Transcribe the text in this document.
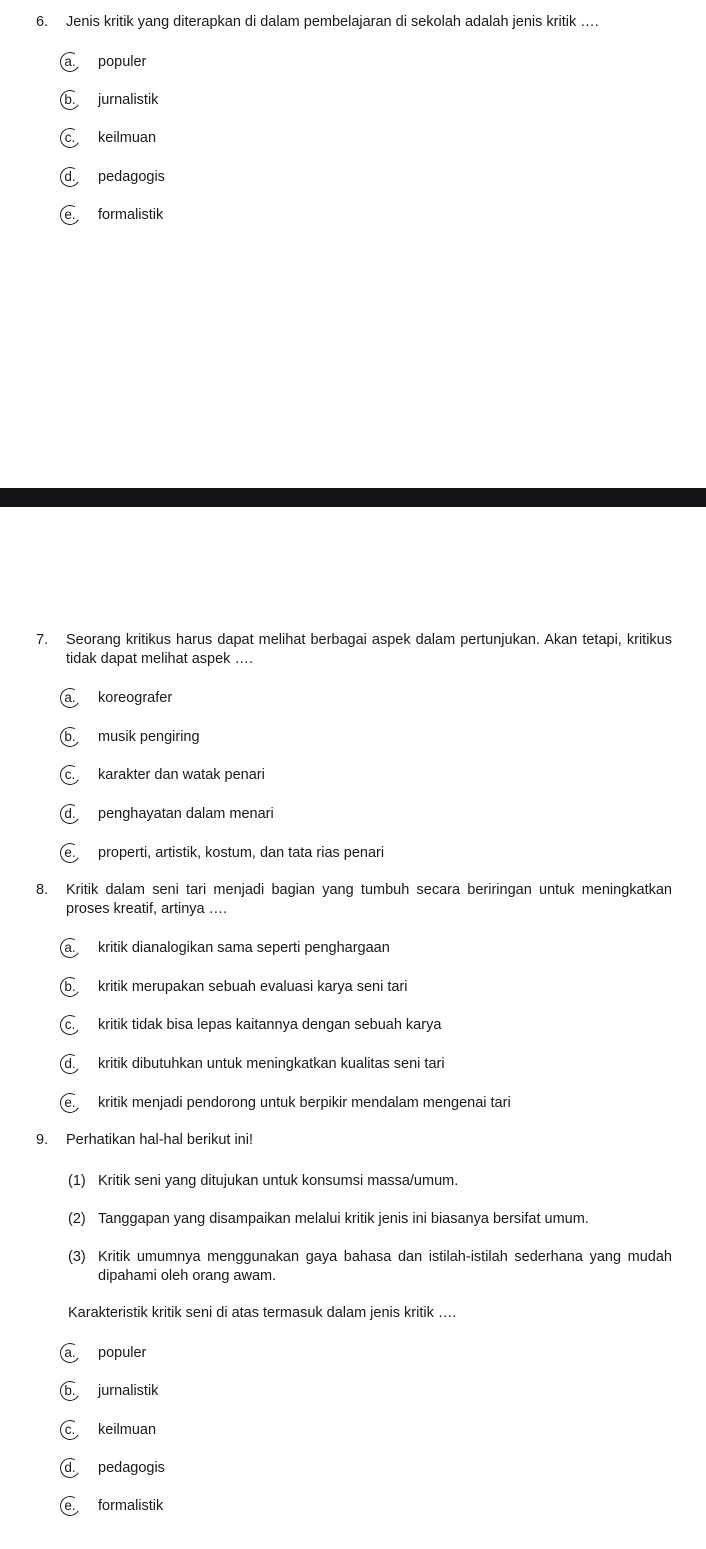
6. Jenis kritik yang diterapkan di dalam pembelajaran di sekolah adalah jenis kritik ….
a .	populer
b .	jurnalistik
c .	keilmuan
d .	pedagogis
e .	formalistik
7. Seorang kritikus harus dapat melihat berbagai aspek dalam pertunjukan. Akan tetapi, kritikus tidak dapat melihat aspek ….
a .	koreografer
b .	musik pengiring
c .	karakter dan watak penari
d .	penghayatan dalam menari
e .	properti, artistik, kostum, dan tata rias penari
8. Kritik dalam seni tari menjadi bagian yang tumbuh secara beriringan untuk meningkatkan proses kreatif, artinya ….
a .	kritik dianalogikan sama seperti penghargaan
b .	kritik merupakan sebuah evaluasi karya seni tari
c .	kritik tidak bisa lepas kaitannya dengan sebuah karya
d .	kritik dibutuhkan untuk meningkatkan kualitas seni tari
e .	kritik menjadi pendorong untuk berpikir mendalam mengenai tari
9. Perhatikan hal-hal berikut ini!
(1) Kritik seni yang ditujukan untuk konsumsi massa/umum.
(2) Tanggapan yang disampaikan melalui kritik jenis ini biasanya bersifat umum.
(3) Kritik umumnya menggunakan gaya bahasa dan istilah-istilah sederhana yang mudah dipahami oleh orang awam.
Karakteristik kritik seni di atas termasuk dalam jenis kritik ….
a .	populer
b .	jurnalistik
c .	keilmuan
d .	pedagogis
e .	formalistik
